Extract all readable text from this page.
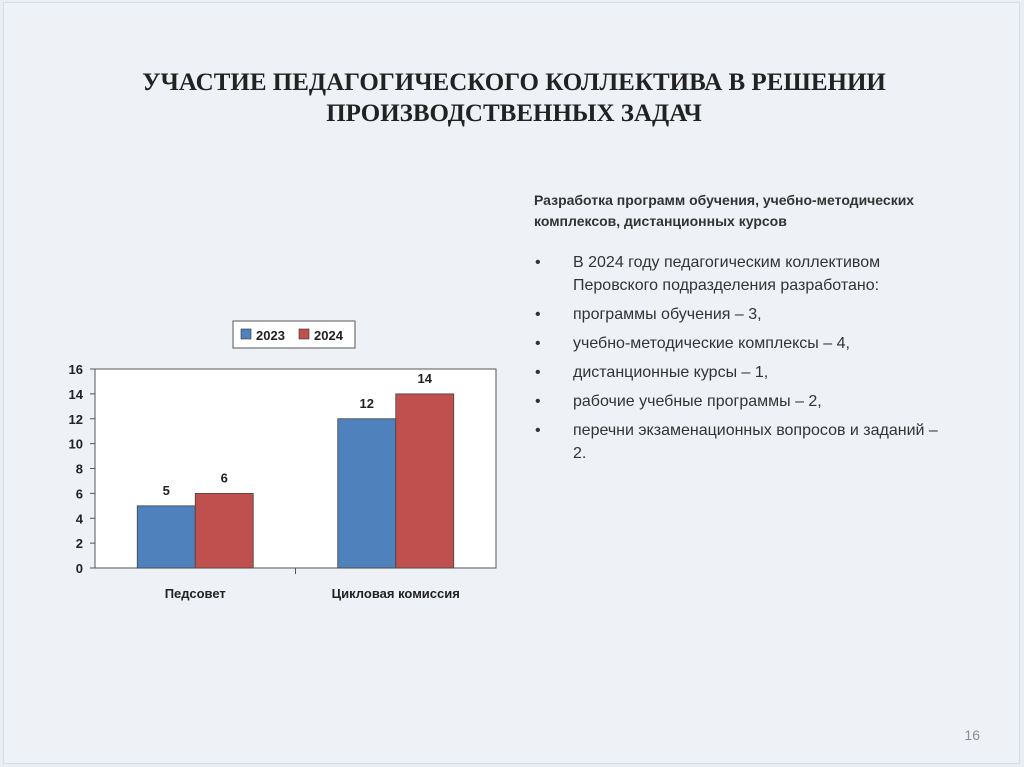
УЧАСТИЕ ПЕДАГОГИЧЕСКОГО КОЛЛЕКТИВА В РЕШЕНИИ ПРОИЗВОДСТВЕННЫХ ЗАДАЧ
2023 2024
0
2
4
6
8
10
12
14
16
5
6
12
14
Педсовет	Цикловая комиссия
Разработка программ обучения, учебно-методических комплексов, дистанционных курсов
• В 2024 году педагогическим коллективом Перовского подразделения разработано:
• программы обучения – 3,
• учебно-методические комплексы – 4,
• дистанционные курсы – 1,
• рабочие учебные программы – 2,
• перечни экзаменационных вопросов и заданий – 2.
16
